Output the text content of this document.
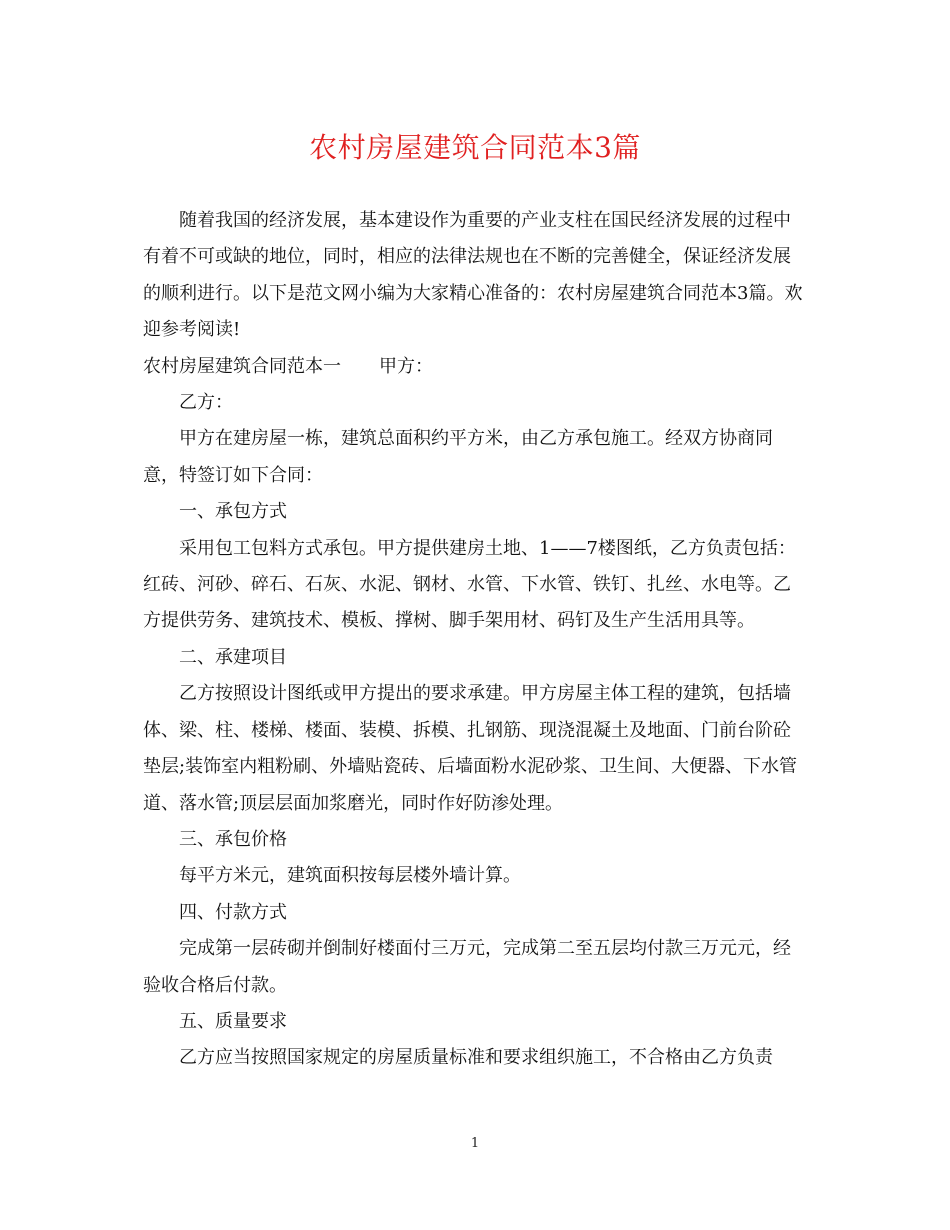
农村房屋建筑合同范本3篇

随着我国的经济发展，基本建设作为重要的产业支柱在国民经济发展的过程中有着不可或缺的地位，同时，相应的法律法规也在不断的完善健全，保证经济发展的顺利进行。以下是范文网小编为大家精心准备的：农村房屋建筑合同范本3篇。欢迎参考阅读!

农村房屋建筑合同范本一 甲方：

乙方：

甲方在建房屋一栋，建筑总面积约平方米，由乙方承包施工。经双方协商同意，特签订如下合同：

一、承包方式

采用包工包料方式承包。甲方提供建房土地、1——7楼图纸，乙方负责包括：红砖、河砂、碎石、石灰、水泥、钢材、水管、下水管、铁钉、扎丝、水电等。乙方提供劳务、建筑技术、模板、撑树、脚手架用材、码钉及生产生活用具等。

二、承建项目

乙方按照设计图纸或甲方提出的要求承建。甲方房屋主体工程的建筑，包括墙体、梁、柱、楼梯、楼面、装模、拆模、扎钢筋、现浇混凝土及地面、门前台阶砼垫层;装饰室内粗粉刷、外墙贴瓷砖、后墙面粉水泥砂浆、卫生间、大便器、下水管道、落水管;顶层层面加浆磨光，同时作好防渗处理。

三、承包价格

每平方米元，建筑面积按每层楼外墙计算。

四、付款方式

完成第一层砖砌并倒制好楼面付三万元，完成第二至五层均付款三万元元，经验收合格后付款。

五、质量要求

乙方应当按照国家规定的房屋质量标准和要求组织施工，不合格由乙方负责

1
